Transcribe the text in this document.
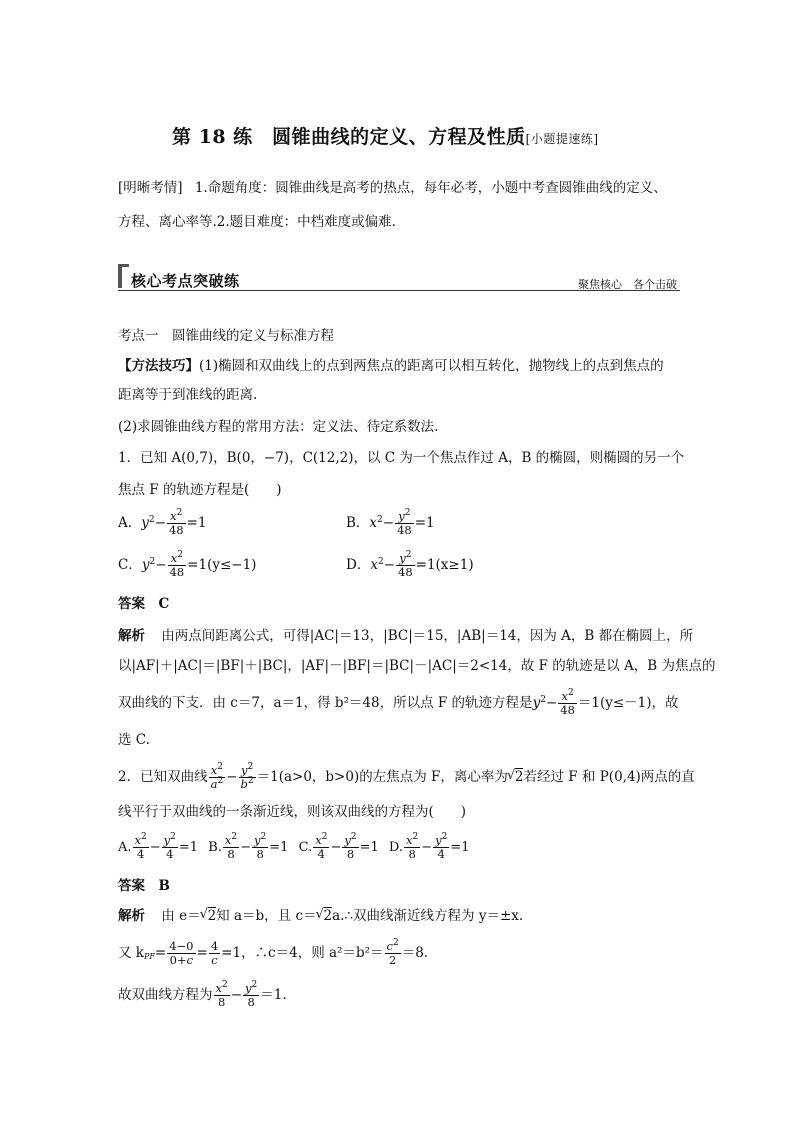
第 18 练　圆锥曲线的定义、方程及性质[小题提速练]
[明晰考情] 1.命题角度：圆锥曲线是高考的热点，每年必考，小题中考查圆锥曲线的定义、
方程、离心率等.2.题目难度：中档难度或偏难.
核心考点突破练	聚焦核心　各个击破
考点一　圆锥曲线的定义与标准方程
【方法技巧】(1)椭圆和双曲线上的点到两焦点的距离可以相互转化，抛物线上的点到焦点的
距离等于到准线的距离.
(2)求圆锥曲线方程的常用方法：定义法、待定系数法.
1．已知 A(0,7)，B(0，−7)，C(12,2)，以 C 为一个焦点作过 A，B 的椭圆，则椭圆的另一个
焦点 F 的轨迹方程是(　　)
A．$y^2- \frac{x^2}{48} =1$	B．$x^2- \frac{y^2}{48} =1$
C．$y^2- \frac{x^2}{48} =1(y\le-1)$	D．$x^2- \frac{y^2}{48} =1(x\ge 1)$
答案　C
解析 由两点间距离公式，可得|AC|＝13，|BC|＝15，|AB|＝14，因为 A，B 都在椭圆上，所
以|AF|＋|AC|＝|BF|＋|BC|，|AF|－|BF|＝|BC|－|AC|＝2<14，故 F 的轨迹是以 A，B 为焦点的
双曲线的下支．由 c＝7，a＝1，得 b²＝48，所以点 F 的轨迹方程是$y^2- \frac{x^2}{48} =1(y\le-1)$，故
选 C.
2．已知双曲线 $\frac{x^2}{a^2} - \frac{y^2}{b^2} =1(a>0$，b>0)的左焦点为 F，离心率为 √ 2若经过 F 和 P(0,4)两点的直
线平行于双曲线的一条渐近线，则该双曲线的方程为(　　)
A. $\frac{x^2}{4} - \frac{y^2}{4} =1$ B. $\frac{x^2}{8} - \frac{y^2}{8} =1$ C. $\frac{x^2}{4} - \frac{y^2}{8} =1$ D. $\frac{x^2}{8} - \frac{y^2}{4} =1$
答案　B
解析 由 e＝ √ 2知 a＝b，且 c＝ √ 2a.∴双曲线渐近线方程为 y＝±x.
又 $k_{PF}= \frac{4-0}{0+c} = \frac{4}{c} =1$，∴c＝4，则 $a^2=b^2= \frac{c^2}{2} =8$.
故双曲线方程为 $\frac{x^2}{8} - \frac{y^2}{8} =1$.
